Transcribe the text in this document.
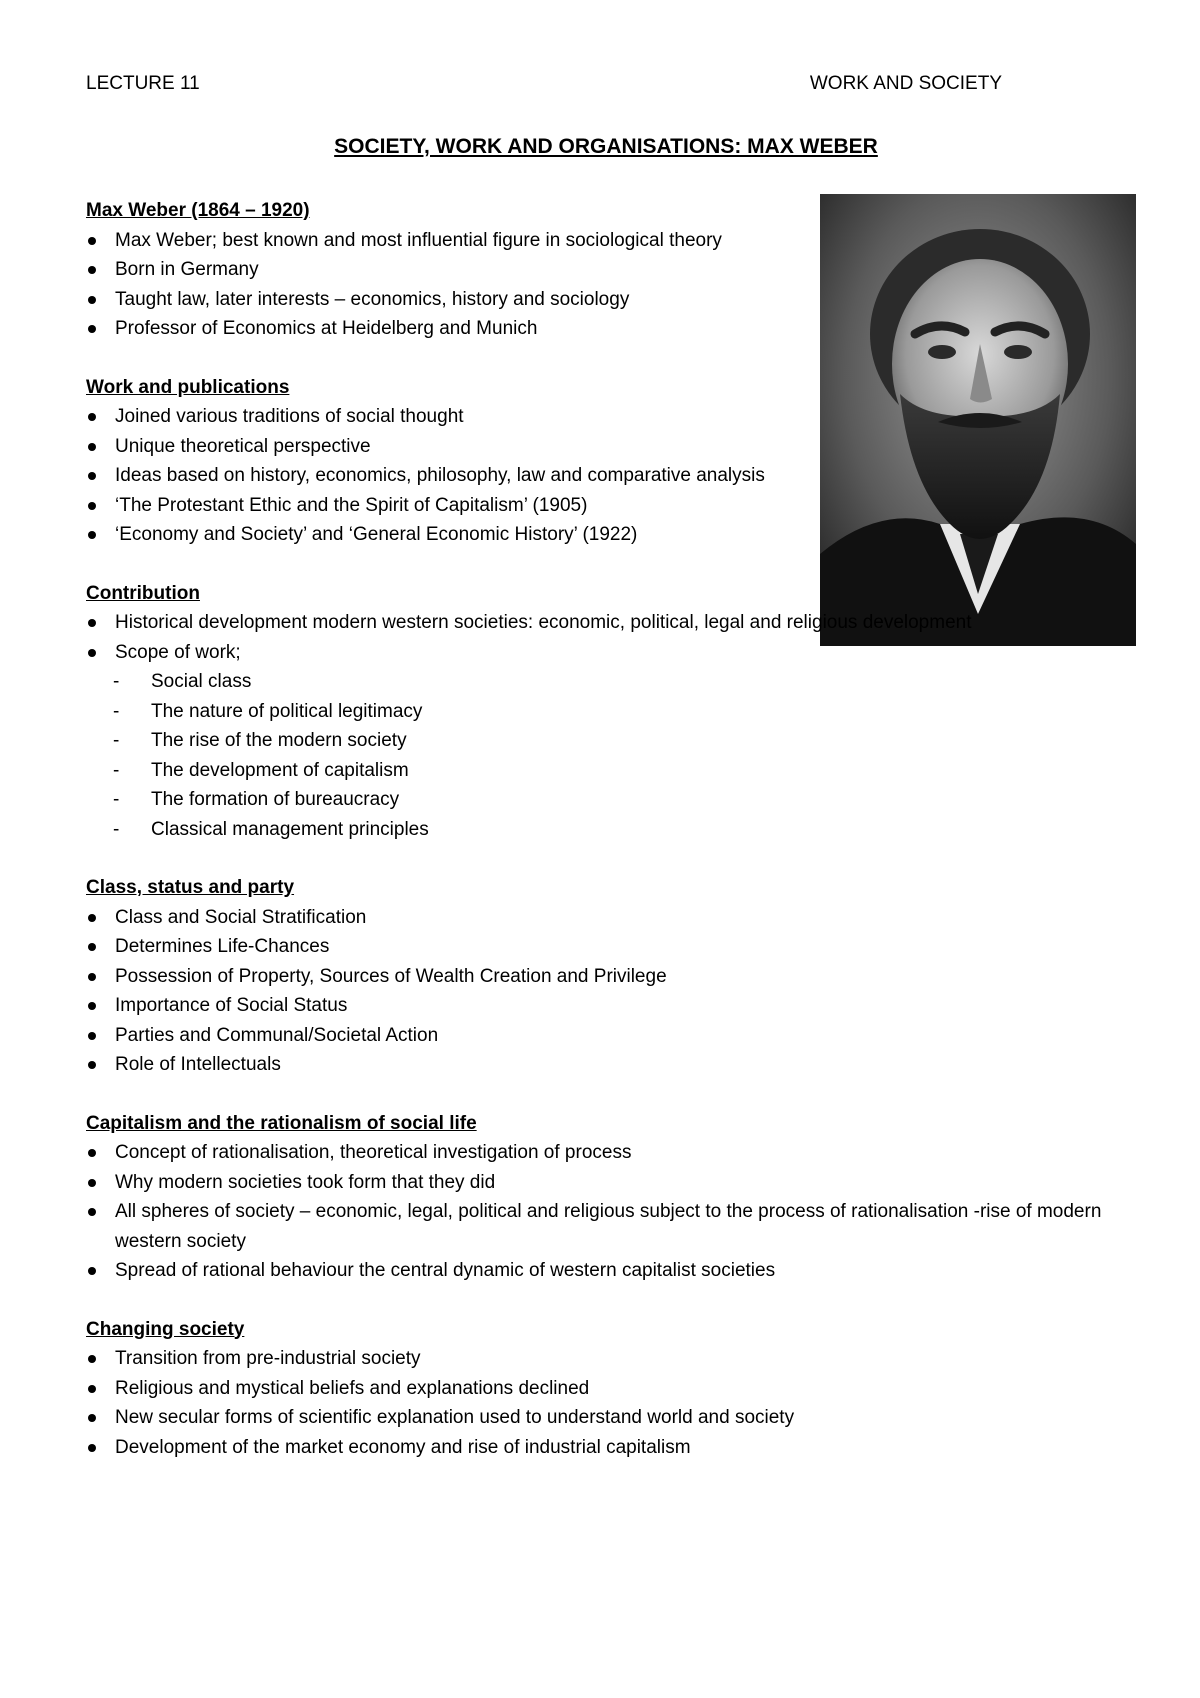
LECTURE 11	WORK AND SOCIETY
SOCIETY, WORK AND ORGANISATIONS: MAX WEBER
Max Weber (1864 – 1920)
Max Weber; best known and most influential figure in sociological theory
Born in Germany
Taught law, later interests – economics, history and sociology
Professor of Economics at Heidelberg and Munich
Work and publications
Joined various traditions of social thought
Unique theoretical perspective
Ideas based on history, economics, philosophy, law and comparative analysis
‘The Protestant Ethic and the Spirit of Capitalism’ (1905)
‘Economy and Society’ and ‘General Economic History’ (1922)
Contribution
Historical development modern western societies: economic, political, legal and religious development
Scope of work;
- Social class
- The nature of political legitimacy
- The rise of the modern society
- The development of capitalism
- The formation of bureaucracy
- Classical management principles
Class, status and party
Class and Social Stratification
Determines Life-Chances
Possession of Property, Sources of Wealth Creation and Privilege
Importance of Social Status
Parties and Communal/Societal Action
Role of Intellectuals
Capitalism and the rationalism of social life
Concept of rationalisation, theoretical investigation of process
Why modern societies took form that they did
All spheres of society – economic, legal, political and religious subject to the process of rationalisation -rise of modern western society
Spread of rational behaviour the central dynamic of western capitalist societies
Changing society
Transition from pre-industrial society
Religious and mystical beliefs and explanations declined
New secular forms of scientific explanation used to understand world and society
Development of the market economy and rise of industrial capitalism
